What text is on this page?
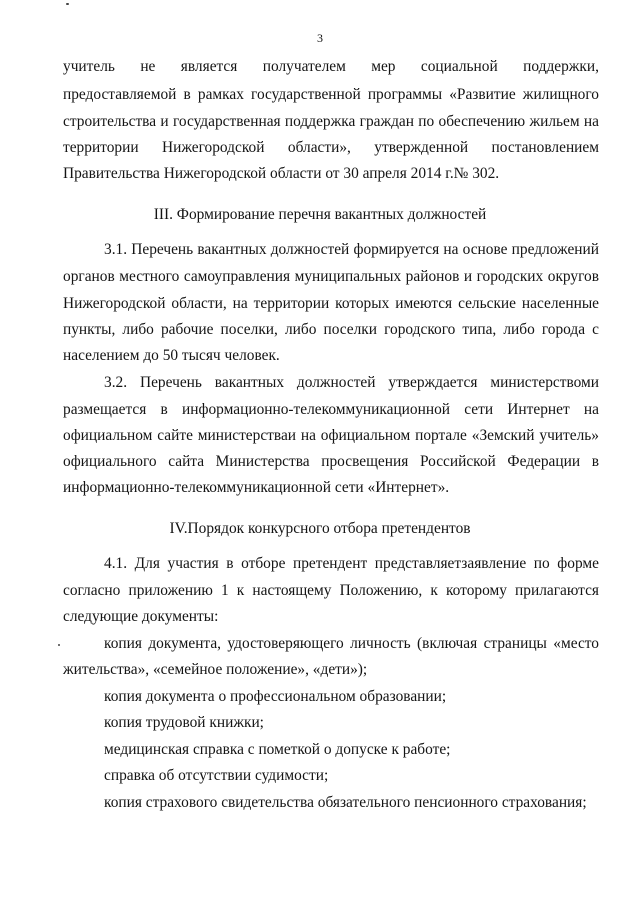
3
учитель не является получателем мер социальной поддержки,
предоставляемой в рамках государственной программы «Развитие жилищного
строительства и государственная поддержка граждан по обеспечению жильем на
территории Нижегородской области», утвержденной постановлением
Правительства Нижегородской области от 30 апреля 2014 г.№ 302.
III. Формирование перечня вакантных должностей
3.1. Перечень вакантных должностей формируется на основе предложений
органов местного самоуправления муниципальных районов и городских округов
Нижегородской области, на территории которых имеются сельские населенные
пункты, либо рабочие поселки, либо поселки городского типа, либо города с
населением до 50 тысяч человек.
3.2. Перечень вакантных должностей утверждается министерствоми
размещается в информационно-телекоммуникационной сети Интернет на
официальном сайте министерстваи на официальном портале «Земский учитель»
официального сайта Министерства просвещения Российской Федерации в
информационно-телекоммуникационной сети «Интернет».
IV.Порядок конкурсного отбора претендентов
4.1. Для участия в отборе претендент представляетзаявление по форме
согласно приложению 1 к настоящему Положению, к которому прилагаются
следующие документы:
копия документа, удостоверяющего личность (включая страницы «место
жительства», «семейное положение», «дети»);
копия документа о профессиональном образовании;
копия трудовой книжки;
медицинская справка с пометкой о допуске к работе;
справка об отсутствии судимости;
копия страхового свидетельства обязательного пенсионного страхования;
